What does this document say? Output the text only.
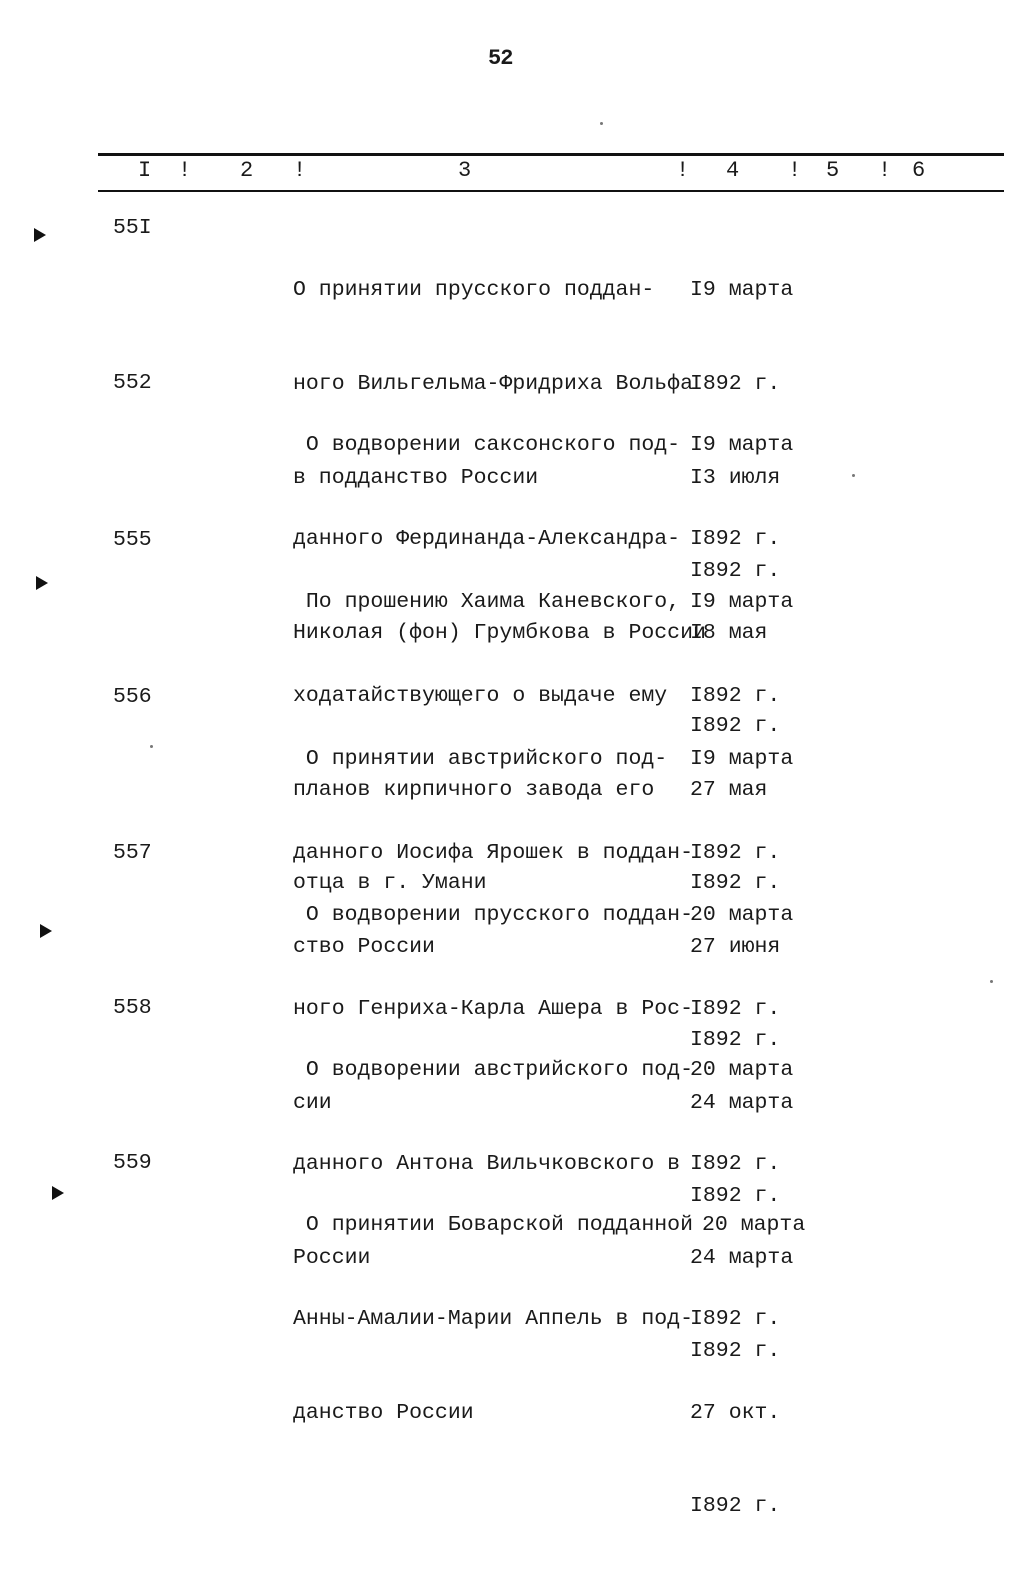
52
I ! 2 !	3	! 4 ! 5 ! 6
55I

О принятии прусского поддан-

ного Вильгельма-Фридриха Вольфа

в подданство России

I9 марта

I892 г.

I3 июля

I892 г.

552

О водворении саксонского под-

данного Фердинанда-Александра-

Николая (фон) Грумбкова в России

I9 марта

I892 г.

I8 мая

I892 г.

555

По прошению Хаима Каневского,

ходатайствующего о выдаче ему

планов кирпичного завода его

отца в г. Умани

I9 марта

I892 г.

27 мая

I892 г.

556

О принятии австрийского под-

данного Иосифа Ярошек в поддан-

ство России

I9 марта

I892 г.

27 июня

I892 г.

557

О водворении прусского поддан-

ного Генриха-Карла Ашера в Рос-

сии

20 марта

I892 г.

24 марта

I892 г.

558

О водворении австрийского под-

данного Антона Вильчковского в

России

20 марта

I892 г.

24 марта

I892 г.

559

О принятии Боварской подданной

Анны-Амалии-Марии Аппель в под-

данство России

20 марта

I892 г.

27 окт.

I892 г.
